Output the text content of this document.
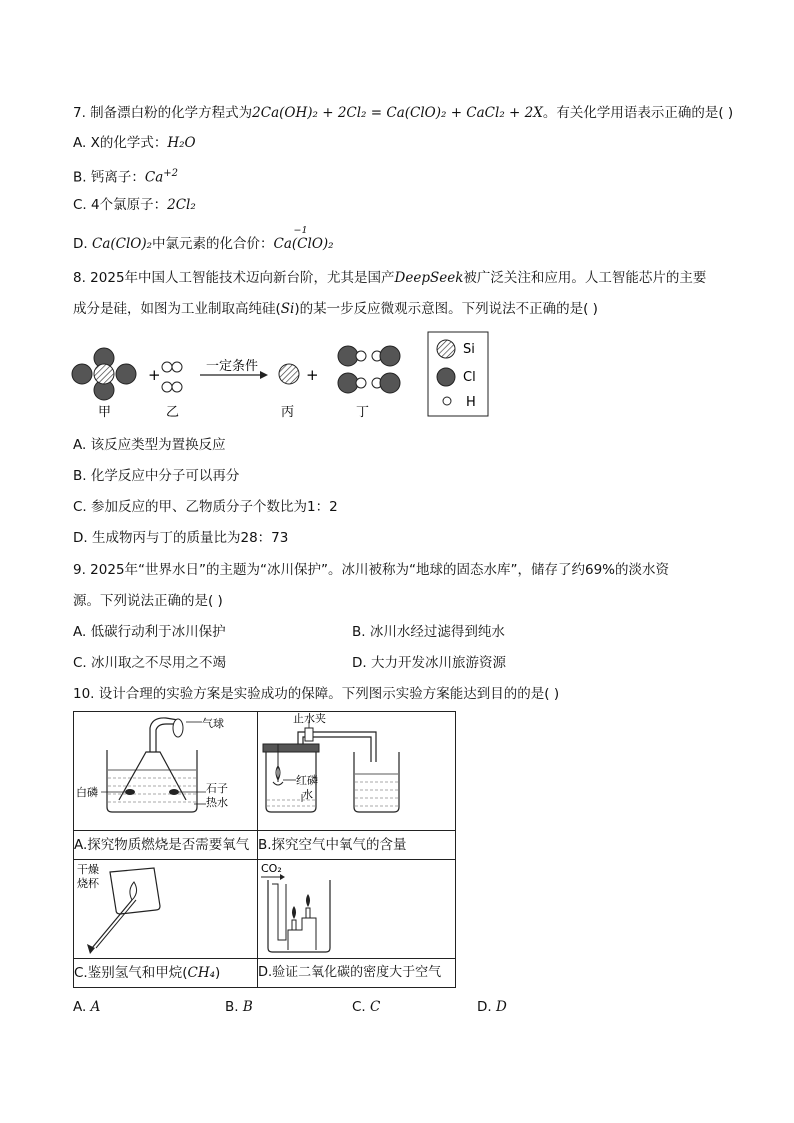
7. 制备漂白粉的化学方程式为2Ca(OH)₂ + 2Cl₂ = Ca(ClO)₂ + CaCl₂ + 2X。有关化学用语表示正确的是( )
A. X的化学式：H₂O
B. 钙离子：$Ca^{+2}$
C. 4个氯原子：2Cl₂
D. Ca(ClO)₂中氯元素的化合价：
−1
Ca(ClO)₂
8. 2025年中国人工智能技术迈向新台阶，尤其是国产DeepSeek被广泛关注和应用。人工智能芯片的主要
成分是硅，如图为工业制取高纯硅(Si)的某一步反应微观示意图。下列说法不正确的是( )
+	一定条件	+
甲	乙	丙	丁
Si
Cl
H
A. 该反应类型为置换反应
B. 化学反应中分子可以再分
C. 参加反应的甲、乙物质分子个数比为1：2
D. 生成物丙与丁的质量比为28：73
9. 2025年“世界水日”的主题为“冰川保护”。冰川被称为“地球的固态水库”，储存了约69%的淡水资
源。下列说法正确的是( )
A. 低碳行动利于冰川保护	B. 冰川水经过滤得到纯水
C. 冰川取之不尽用之不竭	D. 大力开发冰川旅游资源
10. 设计合理的实验方案是实验成功的保障。下列图示实验方案能达到目的的是( )
气球
白磷 石子
热水	止水夹
红磷
水

A.探究物质燃烧是否需要氧气	B.探究空气中氧气的含量

干燥
烧杯	CO₂

C.鉴别氢气和甲烷(CH₄)	D.验证二氧化碳的密度大于空气
A. A	B. B	C. C	D. D
